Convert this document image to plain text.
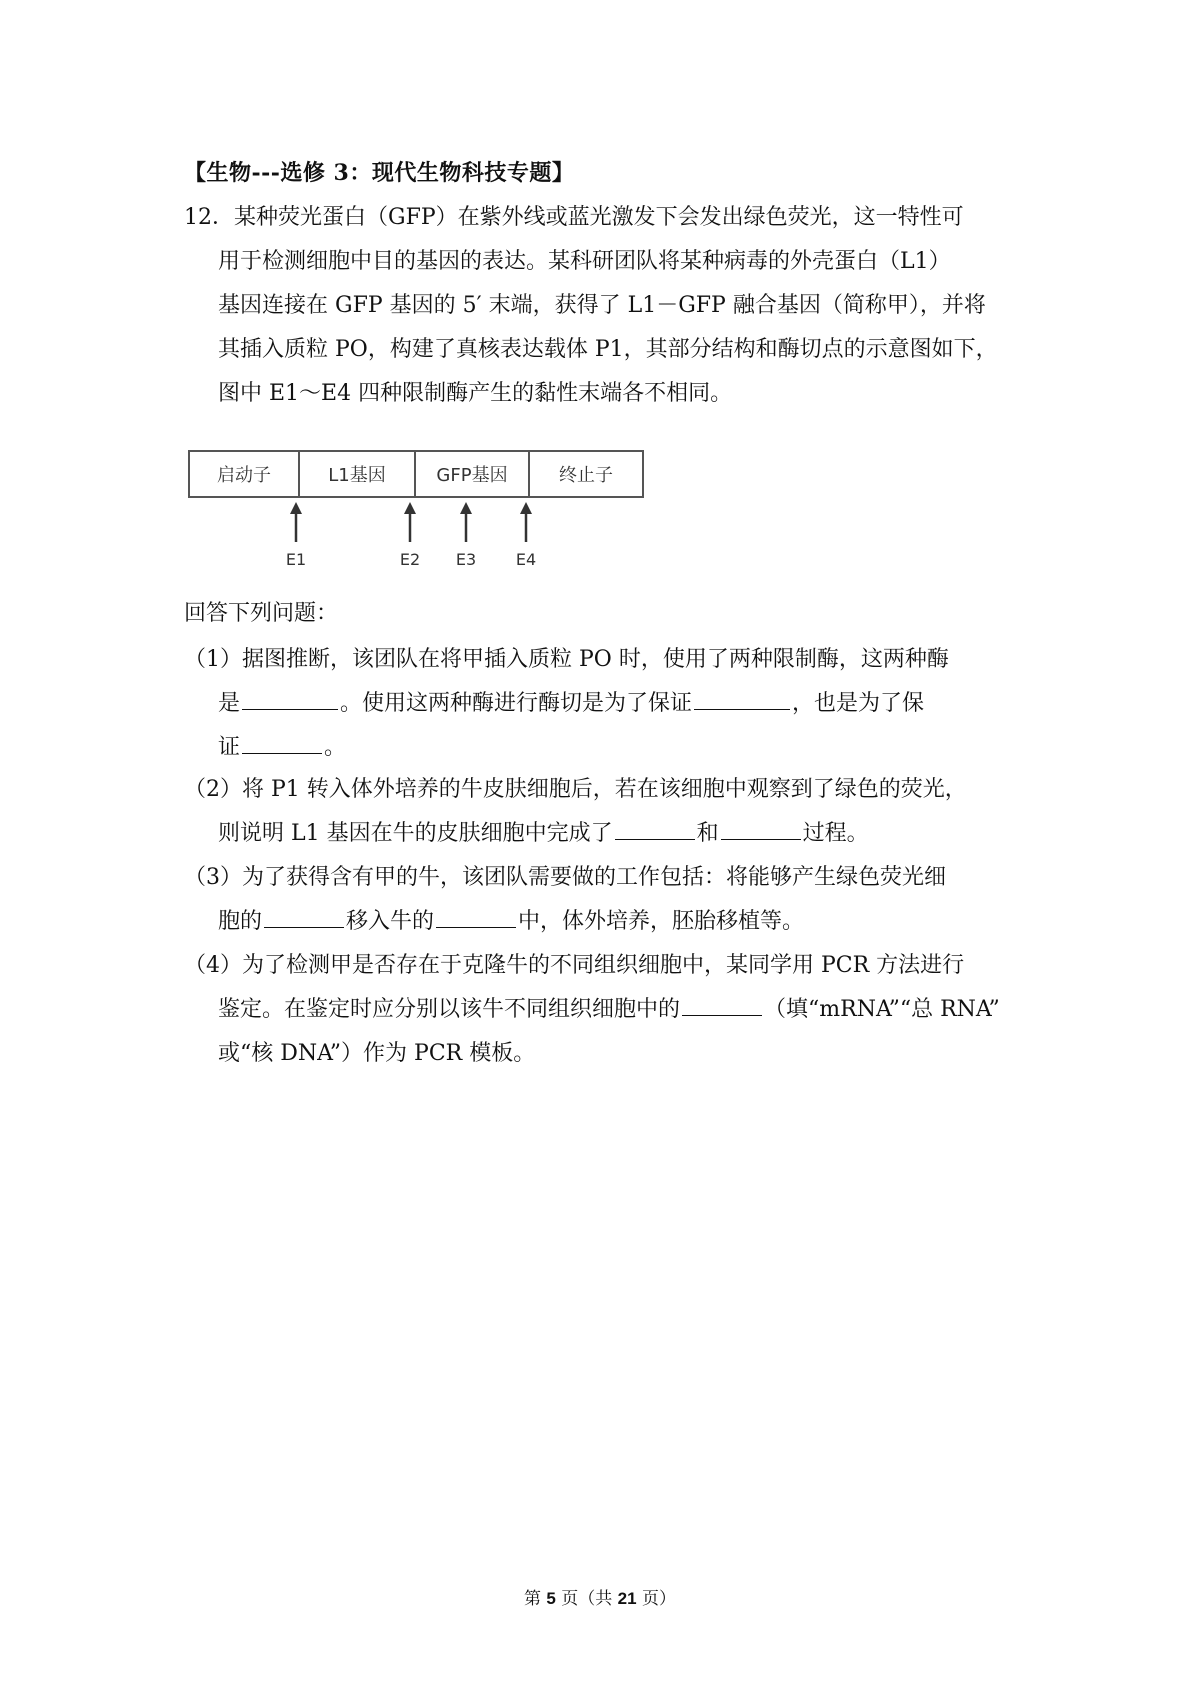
【生物---选修 3：现代生物科技专题】
12．某种荧光蛋白（GFP）在紫外线或蓝光激发下会发出绿色荧光，这一特性可
用于检测细胞中目的基因的表达。某科研团队将某种病毒的外壳蛋白（L1）
基因连接在 GFP 基因的 5′ 末端，获得了 L1－GFP 融合基因（简称甲），并将
其插入质粒 PO，构建了真核表达载体 P1，其部分结构和酶切点的示意图如下，
图中 E1～E4 四种限制酶产生的黏性末端各不相同。
启动子	L1基因	GFP基因	终止子
E1	E2	E3	E4
回答下列问题：
（1）据图推断，该团队在将甲插入质粒 PO 时，使用了两种限制酶，这两种酶
是	。使用这两种酶进行酶切是为了保证	，也是为了保
证	。
（2）将 P1 转入体外培养的牛皮肤细胞后，若在该细胞中观察到了绿色的荧光，
则说明 L1 基因在牛的皮肤细胞中完成了	和	过程。
（3）为了获得含有甲的牛，该团队需要做的工作包括：将能够产生绿色荧光细
胞的	移入牛的	中，体外培养，胚胎移植等。
（4）为了检测甲是否存在于克隆牛的不同组织细胞中，某同学用 PCR 方法进行
鉴定。在鉴定时应分别以该牛不同组织细胞中的	（填“mRNA”“总 RNA”
或“核 DNA”）作为 PCR 模板。
第 5 页（共 21 页）
